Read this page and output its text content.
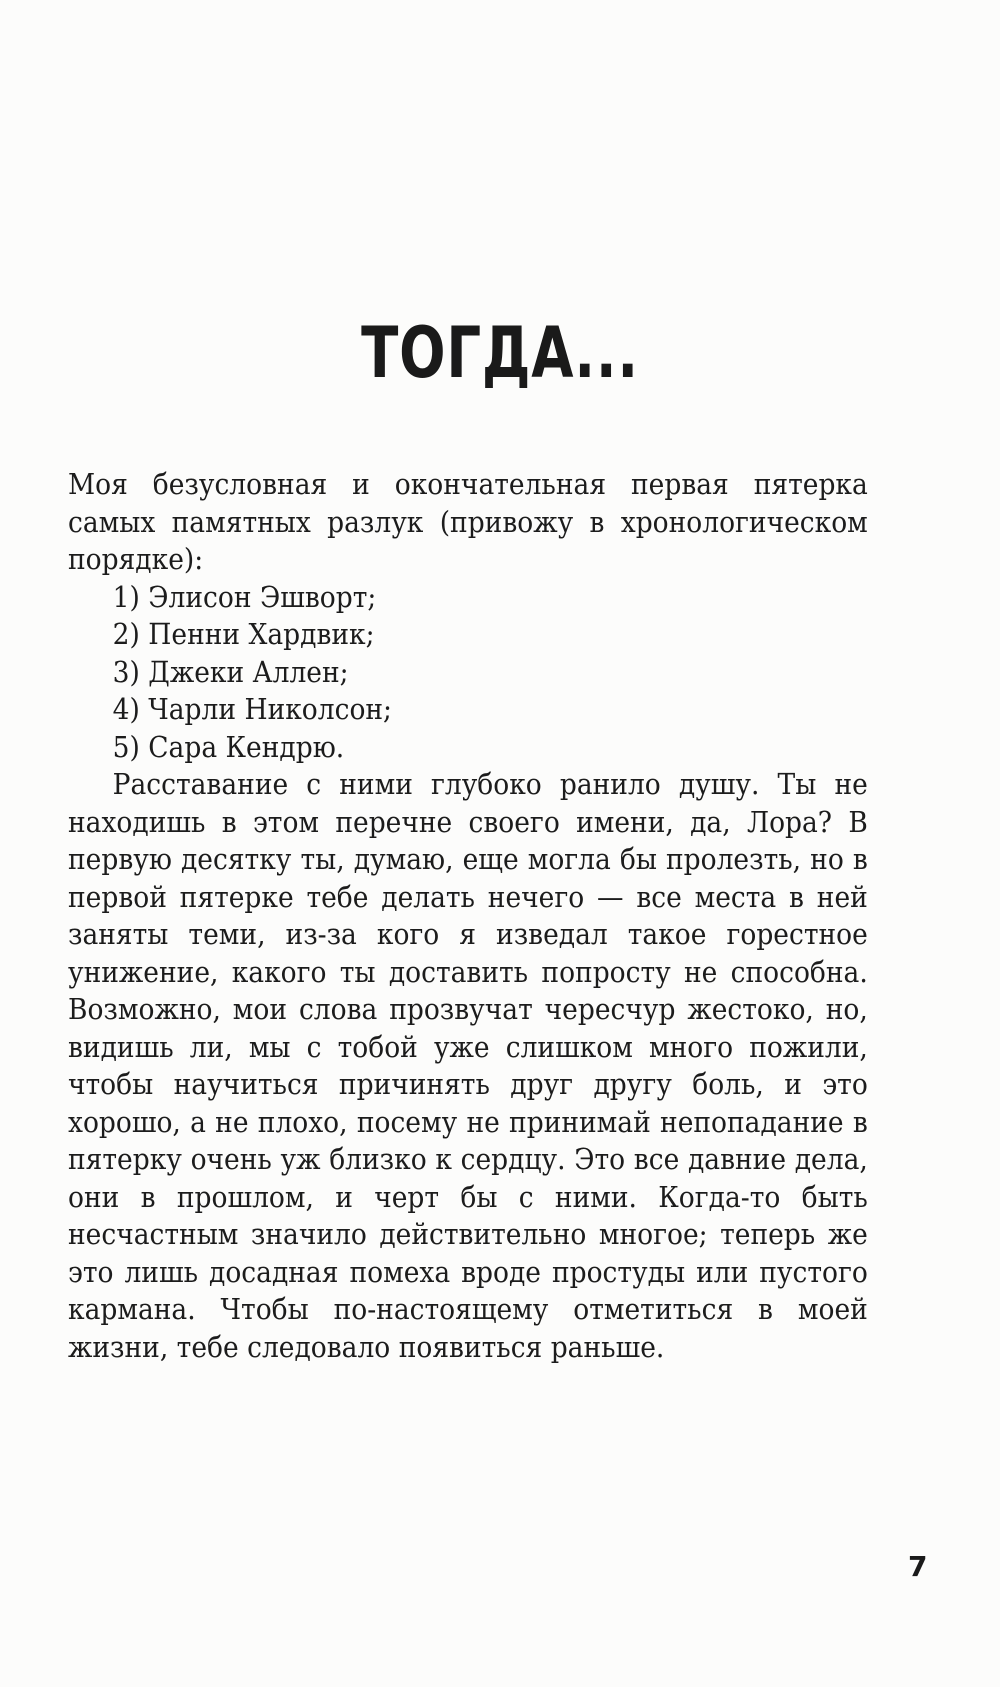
ТОГДА...

Моя безусловная и окончательная первая пятерка самых памятных разлук (привожу в хронологическом порядке):

1) Элисон Эшворт;

2) Пенни Хардвик;

3) Джеки Аллен;

4) Чарли Николсон;

5) Сара Кендрю.

Расставание с ними глубоко ранило душу. Ты не находишь в этом перечне своего имени, да, Лора? В первую десятку ты, думаю, еще могла бы пролезть, но в первой пятерке тебе делать нечего — все места в ней заняты теми, из-за кого я изведал такое горестное унижение, какого ты доставить попросту не способна. Возможно, мои слова прозвучат чересчур жестоко, но, видишь ли, мы с тобой уже слишком много пожили, чтобы научиться причинять друг другу боль, и это хорошо, а не плохо, посему не принимай непопадание в пятерку очень уж близко к сердцу. Это все давние дела, они в прошлом, и черт бы с ними. Когда-то быть несчастным значило действительно многое; теперь же это лишь досадная помеха вроде простуды или пустого кармана. Чтобы по-настоящему отметиться в моей жизни, тебе следовало появиться раньше.

7
